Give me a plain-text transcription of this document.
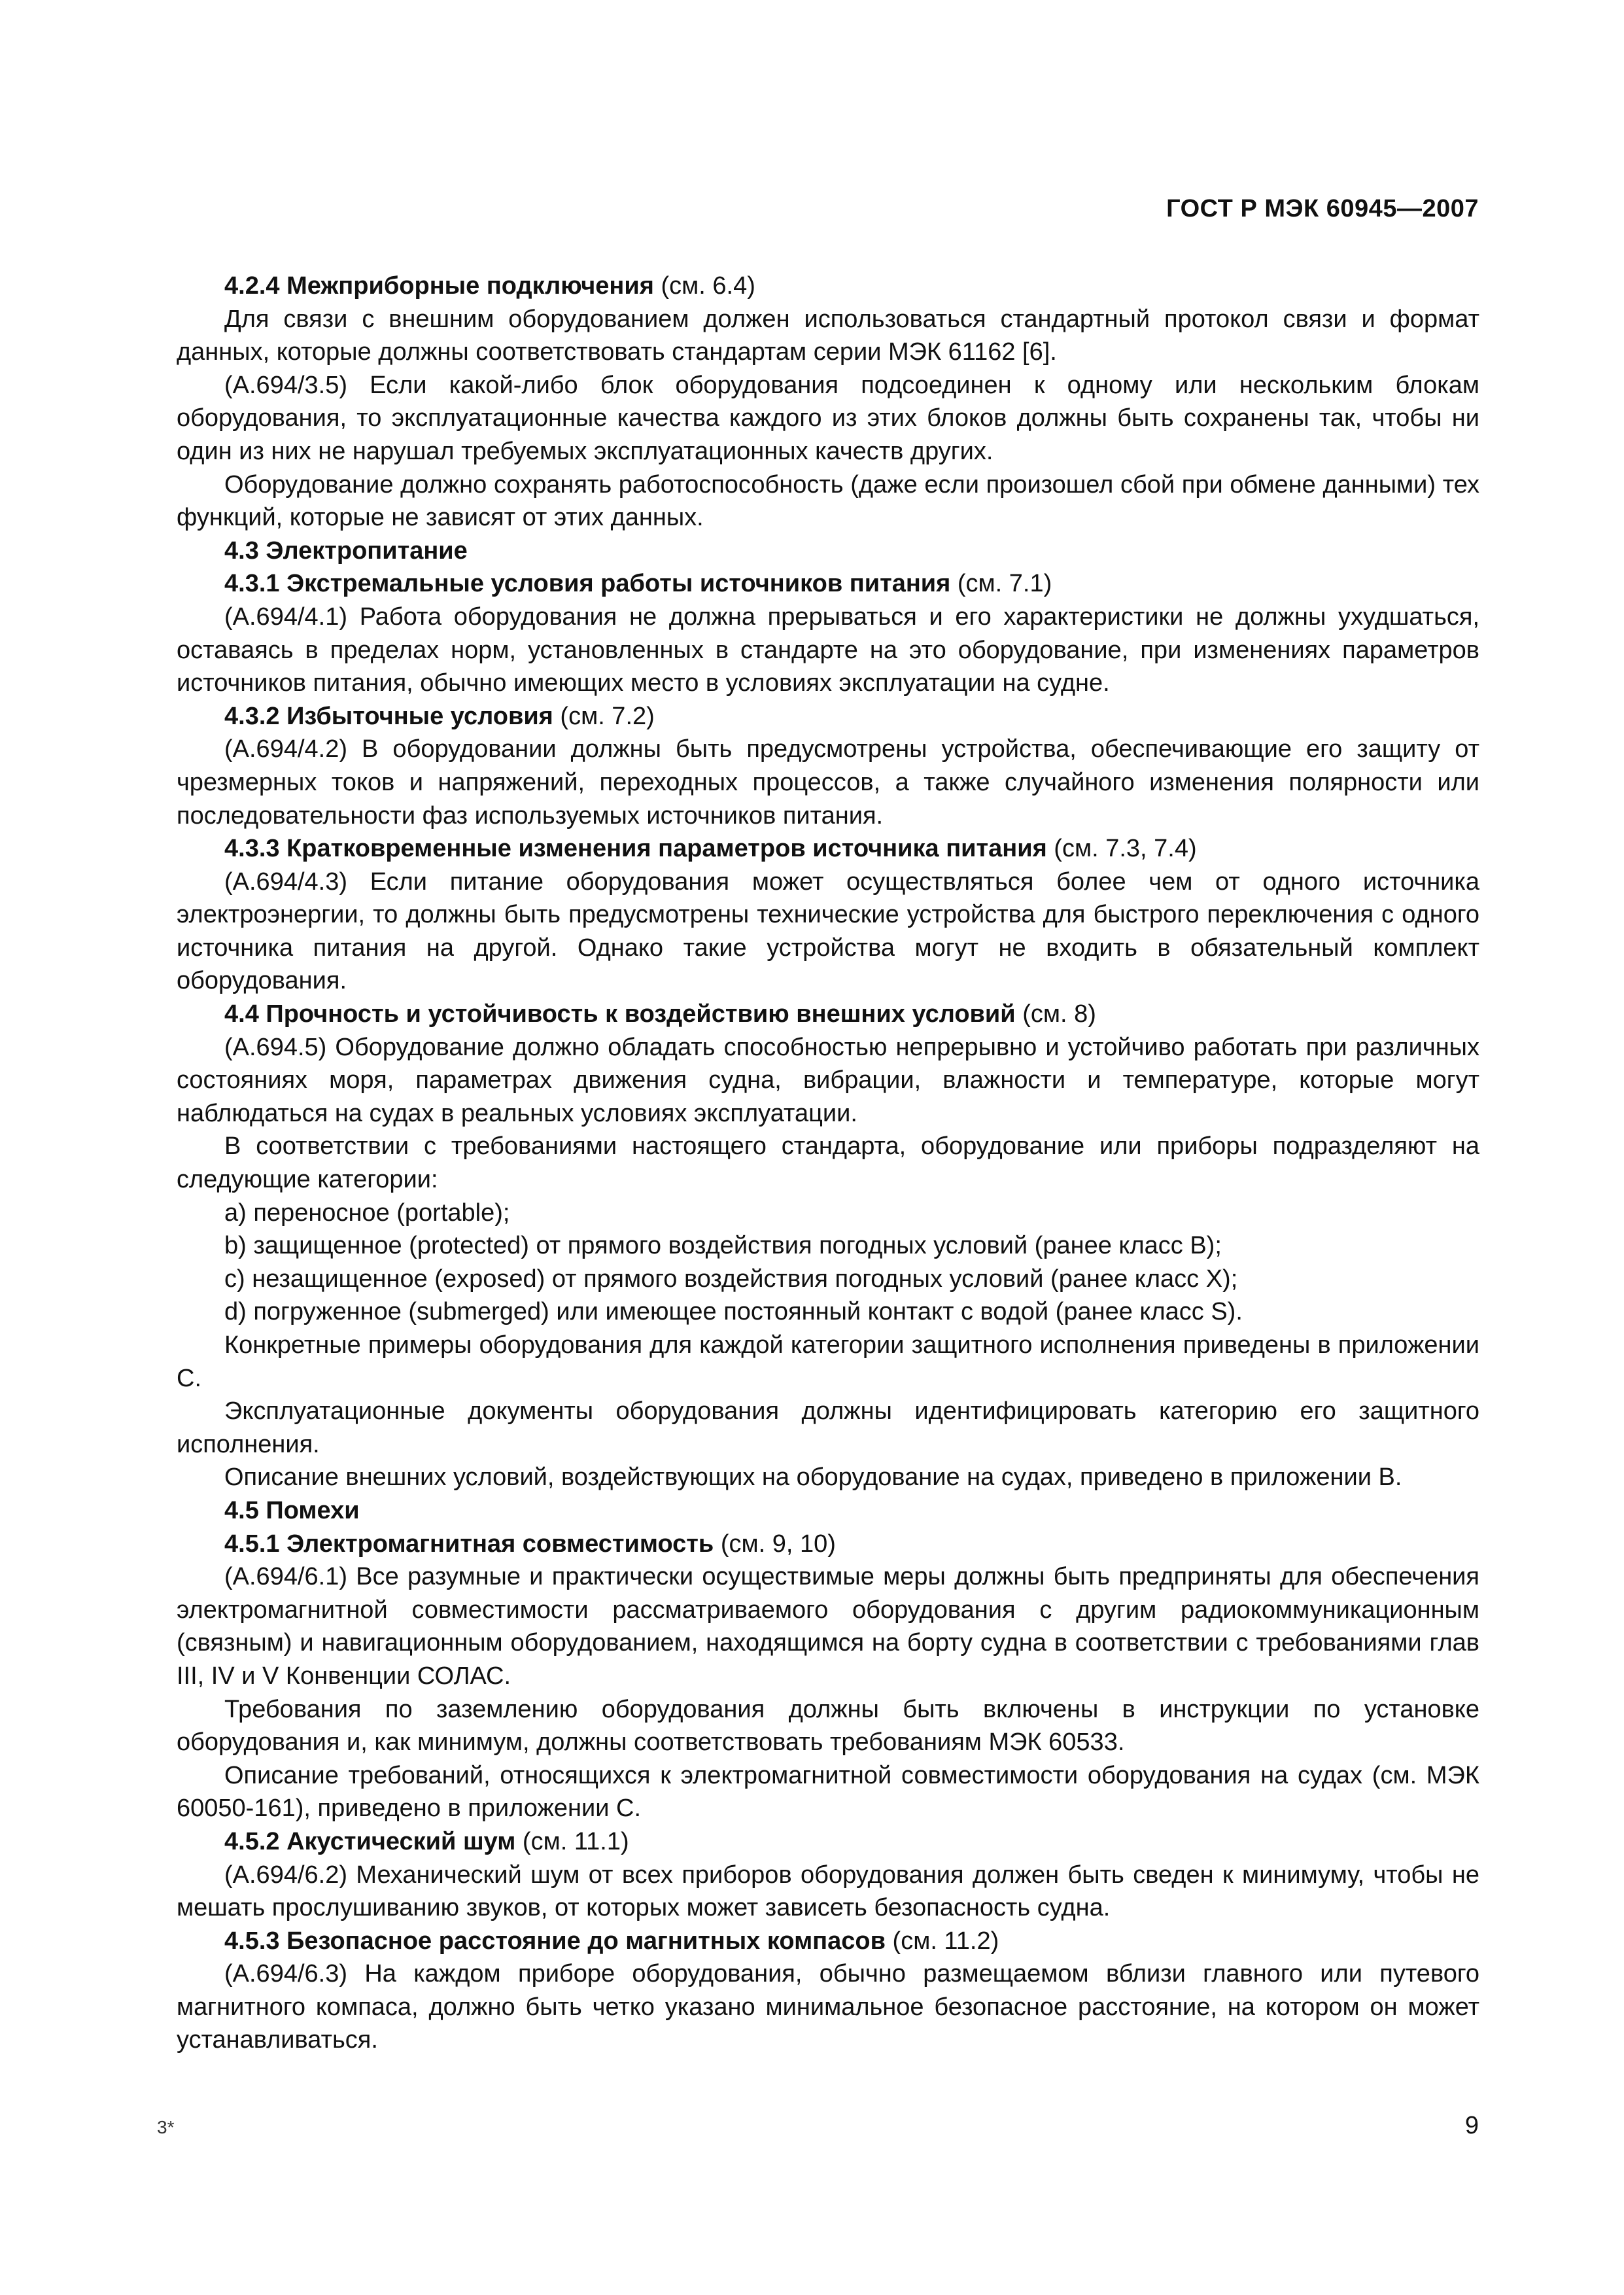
ГОСТ Р МЭК 60945—2007

4.2.4 Межприборные подключения (см. 6.4)

Для связи с внешним оборудованием должен использоваться стандартный протокол связи и формат данных, которые должны соответствовать стандартам серии МЭК 61162 [6].

(А.694/3.5) Если какой-либо блок оборудования подсоединен к одному или нескольким блокам оборудования, то эксплуатационные качества каждого из этих блоков должны быть сохранены так, чтобы ни один из них не нарушал требуемых эксплуатационных качеств других.

Оборудование должно сохранять работоспособность (даже если произошел сбой при обмене данными) тех функций, которые не зависят от этих данных.

4.3 Электропитание

4.3.1 Экстремальные условия работы источников питания (см. 7.1)

(А.694/4.1) Работа оборудования не должна прерываться и его характеристики не должны ухудшаться, оставаясь в пределах норм, установленных в стандарте на это оборудование, при изменениях параметров источников питания, обычно имеющих место в условиях эксплуатации на судне.

4.3.2 Избыточные условия (см. 7.2)

(А.694/4.2) В оборудовании должны быть предусмотрены устройства, обеспечивающие его защиту от чрезмерных токов и напряжений, переходных процессов, а также случайного изменения полярности или последовательности фаз используемых источников питания.

4.3.3 Кратковременные изменения параметров источника питания (см. 7.3, 7.4)

(А.694/4.3) Если питание оборудования может осуществляться более чем от одного источника электроэнергии, то должны быть предусмотрены технические устройства для быстрого переключения с одного источника питания на другой. Однако такие устройства могут не входить в обязательный комплект оборудования.

4.4 Прочность и устойчивость к воздействию внешних условий (см. 8)

(А.694.5) Оборудование должно обладать способностью непрерывно и устойчиво работать при различных состояниях моря, параметрах движения судна, вибрации, влажности и температуре, которые могут наблюдаться на судах в реальных условиях эксплуатации.

В соответствии с требованиями настоящего стандарта, оборудование или приборы подразделяют на следующие категории:

a) переносное (portable);

b) защищенное (protected) от прямого воздействия погодных условий (ранее класс B);

c) незащищенное (exposed) от прямого воздействия погодных условий (ранее класс X);

d) погруженное (submerged) или имеющее постоянный контакт с водой (ранее класс S).

Конкретные примеры оборудования для каждой категории защитного исполнения приведены в приложении С.

Эксплуатационные документы оборудования должны идентифицировать категорию его защитного исполнения.

Описание внешних условий, воздействующих на оборудование на судах, приведено в приложении В.

4.5 Помехи

4.5.1 Электромагнитная совместимость (см. 9, 10)

(А.694/6.1) Все разумные и практически осуществимые меры должны быть предприняты для обеспечения электромагнитной совместимости рассматриваемого оборудования с другим радиокоммуникационным (связным) и навигационным оборудованием, находящимся на борту судна в соответствии с требованиями глав III, IV и V Конвенции СОЛАС.

Требования по заземлению оборудования должны быть включены в инструкции по установке оборудования и, как минимум, должны соответствовать требованиям МЭК 60533.

Описание требований, относящихся к электромагнитной совместимости оборудования на судах (см. МЭК 60050-161), приведено в приложении С.

4.5.2 Акустический шум (см. 11.1)

(А.694/6.2) Механический шум от всех приборов оборудования должен быть сведен к минимуму, чтобы не мешать прослушиванию звуков, от которых может зависеть безопасность судна.

4.5.3 Безопасное расстояние до магнитных компасов (см. 11.2)

(А.694/6.3) На каждом приборе оборудования, обычно размещаемом вблизи главного или путевого магнитного компаса, должно быть четко указано минимальное безопасное расстояние, на котором он может устанавливаться.

3*	9
